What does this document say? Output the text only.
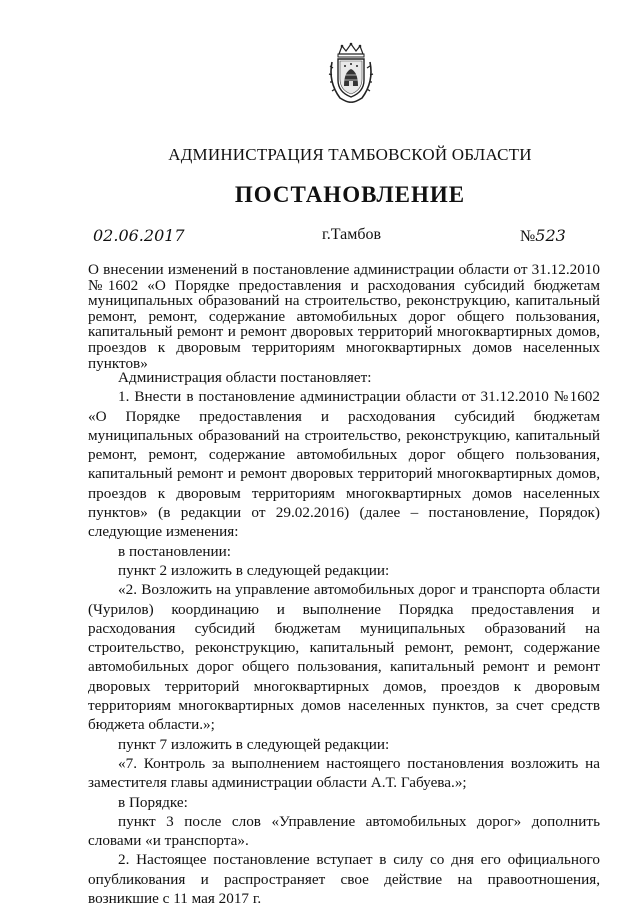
АДМИНИСТРАЦИЯ ТАМБОВСКОЙ ОБЛАСТИ
ПОСТАНОВЛЕНИЕ
02.06.2017	г.Тамбов	№523
О внесении изменений в постановление администрации области от 31.12.2010 №1602 «О Порядке предоставления и расходования субсидий бюджетам муниципальных образований на строительство, реконструкцию, капитальный ремонт, ремонт, содержание автомобильных дорог общего пользования, капитальный ремонт и ремонт дворовых территорий многоквартирных домов, проездов к дворовым территориям многоквартирных домов населенных пунктов»

Администрация области постановляет:

1. Внести в постановление администрации области от 31.12.2010 №1602 «О Порядке предоставления и расходования субсидий бюджетам муниципальных образований на строительство, реконструкцию, капитальный ремонт, ремонт, содержание автомобильных дорог общего пользования, капитальный ремонт и ремонт дворовых территорий многоквартирных домов, проездов к дворовым территориям многоквартирных домов населенных пунктов» (в редакции от 29.02.2016) (далее – постановление, Порядок) следующие изменения:

в постановлении:

пункт 2 изложить в следующей редакции:

«2. Возложить на управление автомобильных дорог и транспорта области (Чурилов) координацию и выполнение Порядка предоставления и расходования субсидий бюджетам муниципальных образований на строительство, реконструкцию, капитальный ремонт, ремонт, содержание автомобильных дорог общего пользования, капитальный ремонт и ремонт дворовых территорий многоквартирных домов, проездов к дворовым территориям многоквартирных домов населенных пунктов, за счет средств бюджета области.»;

пункт 7 изложить в следующей редакции:

«7. Контроль за выполнением настоящего постановления возложить на заместителя главы администрации области А.Т. Габуева.»;

в Порядке:

пункт 3 после слов «Управление автомобильных дорог» дополнить словами «и транспорта».

2. Настоящее постановление вступает в силу со дня его официального опубликования и распространяет свое действие на правоотношения, возникшие с 11 мая 2017 г.
